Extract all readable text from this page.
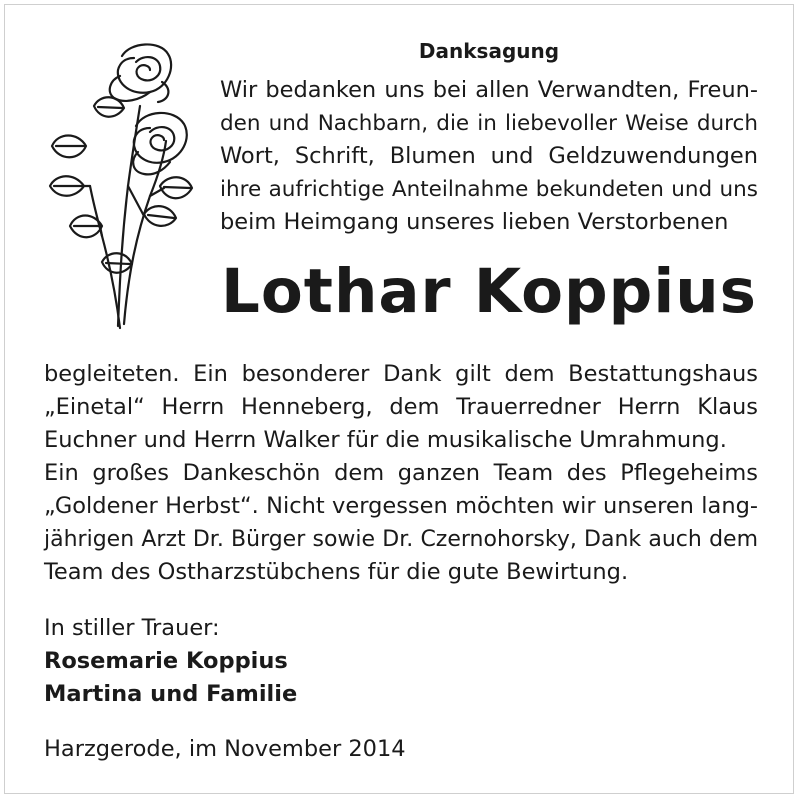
Danksagung
Wir bedanken uns bei allen Verwandten, Freun-
den und Nachbarn, die in liebevoller Weise durch
Wort, Schrift, Blumen und Geldzuwendungen
ihre aufrichtige Anteilnahme bekundeten und uns
beim Heimgang unseres lieben Verstorbenen
Lothar Koppius
begleiteten. Ein besonderer Dank gilt dem Bestattungshaus
„Einetal“ Herrn Henneberg, dem Trauerredner Herrn Klaus
Euchner und Herrn Walker für die musikalische Umrahmung.
Ein großes Dankeschön dem ganzen Team des Pflegeheims
„Goldener Herbst“. Nicht vergessen möchten wir unseren lang-
jährigen Arzt Dr. Bürger sowie Dr. Czernohorsky, Dank auch dem
Team des Ostharzstübchens für die gute Bewirtung.
In stiller Trauer:
Rosemarie Koppius
Martina und Familie
Harzgerode, im November 2014
